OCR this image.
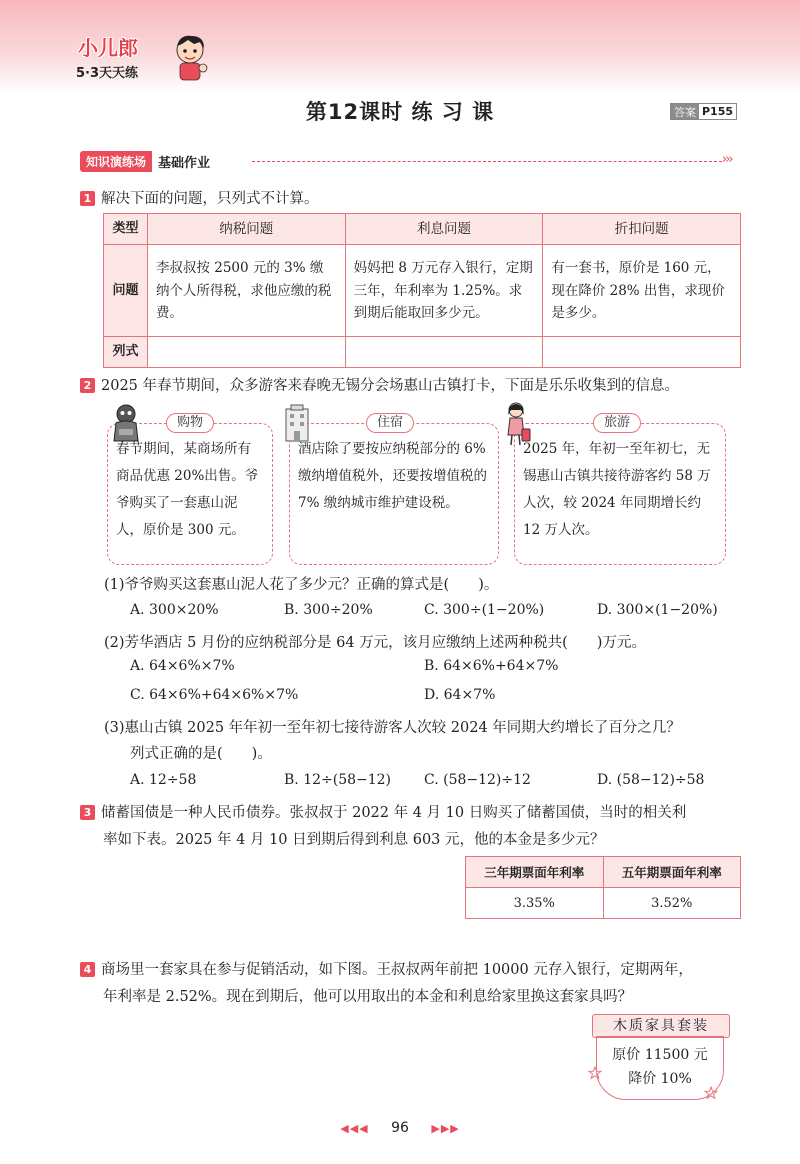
小儿郎
5·3天天练
第12课时 练 习 课	答案 P155
知识演练场 基础作业	›››
1 解决下面的问题，只列式不计算。
类型	纳税问题	利息问题	折扣问题
问题	李叔叔按 2500 元的 3% 缴纳个人所得税，求他应缴的税费。	妈妈把 8 万元存入银行，定期三年，年利率为 1.25%。求到期后能取回多少元。	有一套书，原价是 160 元，现在降价 28% 出售，求现价是多少。
列式			
2 2025 年春节期间，众多游客来春晚无锡分会场惠山古镇打卡，下面是乐乐收集到的信息。
购物
春节期间，某商场所有商品优惠 20%出售。爷爷购买了一套惠山泥人，原价是 300 元。
住宿
酒店除了要按应纳税部分的 6% 缴纳增值税外，还要按增值税的 7% 缴纳城市维护建设税。
旅游
2025 年，年初一至年初七，无锡惠山古镇共接待游客约 58 万人次，较 2024 年同期增长约 12 万人次。
(1)爷爷购买这套惠山泥人花了多少元？正确的算式是(　　)。
A. 300×20%	B. 300÷20%	C. 300÷(1−20%)	D. 300×(1−20%)
(2)芳华酒店 5 月份的应纳税部分是 64 万元，该月应缴纳上述两种税共(　　)万元。
A. 64×6%×7%	B. 64×6%+64×7%
C. 64×6%+64×6%×7%	D. 64×7%
(3)惠山古镇 2025 年年初一至年初七接待游客人次较 2024 年同期大约增长了百分之几？
列式正确的是(　　)。
A. 12÷58	B. 12÷(58−12) C. (58−12)÷12	D. (58−12)÷58
3 储蓄国债是一种人民币债券。张叔叔于 2022 年 4 月 10 日购买了储蓄国债，当时的相关利
率如下表。2025 年 4 月 10 日到期后得到利息 603 元，他的本金是多少元？
三年期票面年利率	五年期票面年利率
3.35%	3.52%
4 商场里一套家具在参与促销活动，如下图。王叔叔两年前把 10000 元存入银行，定期两年，
年利率是 2.52%。现在到期后，他可以用取出的本金和利息给家里换这套家具吗？
木质家具套装
原价 11500 元
降价 10%
◀◀◀ 96 ▶▶▶
